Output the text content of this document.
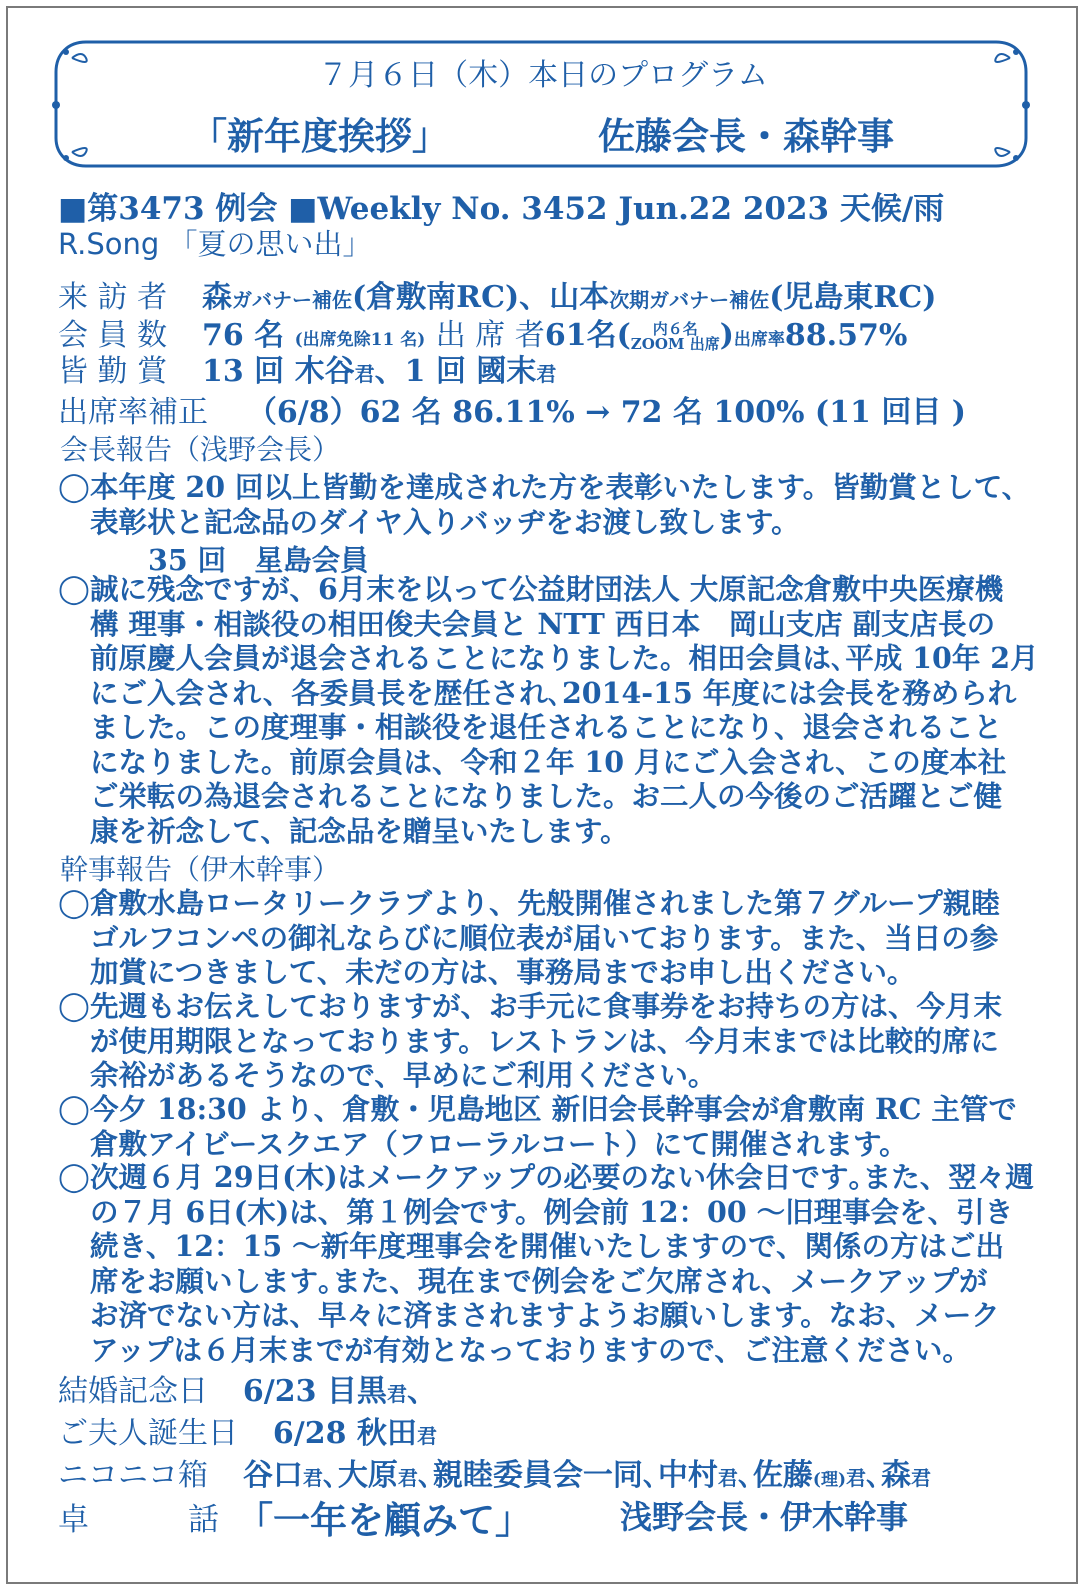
７月６日（木）本日のプログラム
「新年度挨拶」	佐藤会長・森幹事
■第3473 例会 ■Weekly No. 3452 Jun.22 2023 天候/雨
R.Song 「夏の思い出」
来 訪 者 森ガバナー補佐(倉敷南RC)、山本次期ガバナー補佐(児島東RC)
会 員 数 76 名 (出席免除11 名) 出 席 者61名(	内６名
ZOOM 出席 )出席率88.57%
皆 勤 賞 13 回 木谷君、1 回 國末君
出席率補正 （6/8）62 名 86.11% → 72 名 100% (11 回目 )
会長報告（浅野会長）
◯ 本年度 20 回以上皆勤を達成された方を表彰いたします。皆勤賞として、
表彰状と記念品のダイヤ入りバッヂをお渡し致します。
35 回　星島会員
◯ 誠に残念ですが、6月末を以って公益財団法人 大原記念倉敷中央医療機
構 理事・相談役の相田俊夫会員と NTT 西日本　岡山支店 副支店長の
前原慶人会員が退会されることになりました。相田会員は､平成 10年 2月
にご入会され、各委員長を歴任され､2014-15 年度には会長を務められ
ました。この度理事・相談役を退任されることになり、退会されること
になりました。前原会員は、令和２年 10 月にご入会され、この度本社
ご栄転の為退会されることになりました。お二人の今後のご活躍とご健
康を祈念して、記念品を贈呈いたします。
幹事報告（伊木幹事）
◯ 倉敷水島ロータリークラブより、先般開催されました第７グループ親睦
ゴルフコンペの御礼ならびに順位表が届いております。また、当日の参
加賞につきまして、未だの方は、事務局までお申し出ください。
◯ 先週もお伝えしておりますが、お手元に食事券をお持ちの方は、今月末
が使用期限となっております。レストランは、今月末までは比較的席に
余裕があるそうなので、早めにご利用ください。
◯ 今夕 18:30 より、倉敷・児島地区 新旧会長幹事会が倉敷南 RC 主管で
倉敷アイビースクエア（フローラルコート）にて開催されます。
◯ 次週６月 29日(木)はメークアップの必要のない休会日です｡また、翌々週
の７月 6日(木)は、第１例会です。例会前 12：00 ～旧理事会を、引き
続き、12：15 ～新年度理事会を開催いたしますので、関係の方はご出
席をお願いします｡また、現在まで例会をご欠席され、メークアップが
お済でない方は、早々に済まされますようお願いします。なお、メーク
アップは６月末までが有効となっておりますので、ご注意ください。
結婚記念日 6/23 目黒君、
ご夫人誕生日 6/28 秋田君
ニコニコ箱 谷口君､大原君､親睦委員会一同､中村君､佐藤(理)君､森君
卓	話 「一年を顧みて」	浅野会長・伊木幹事
